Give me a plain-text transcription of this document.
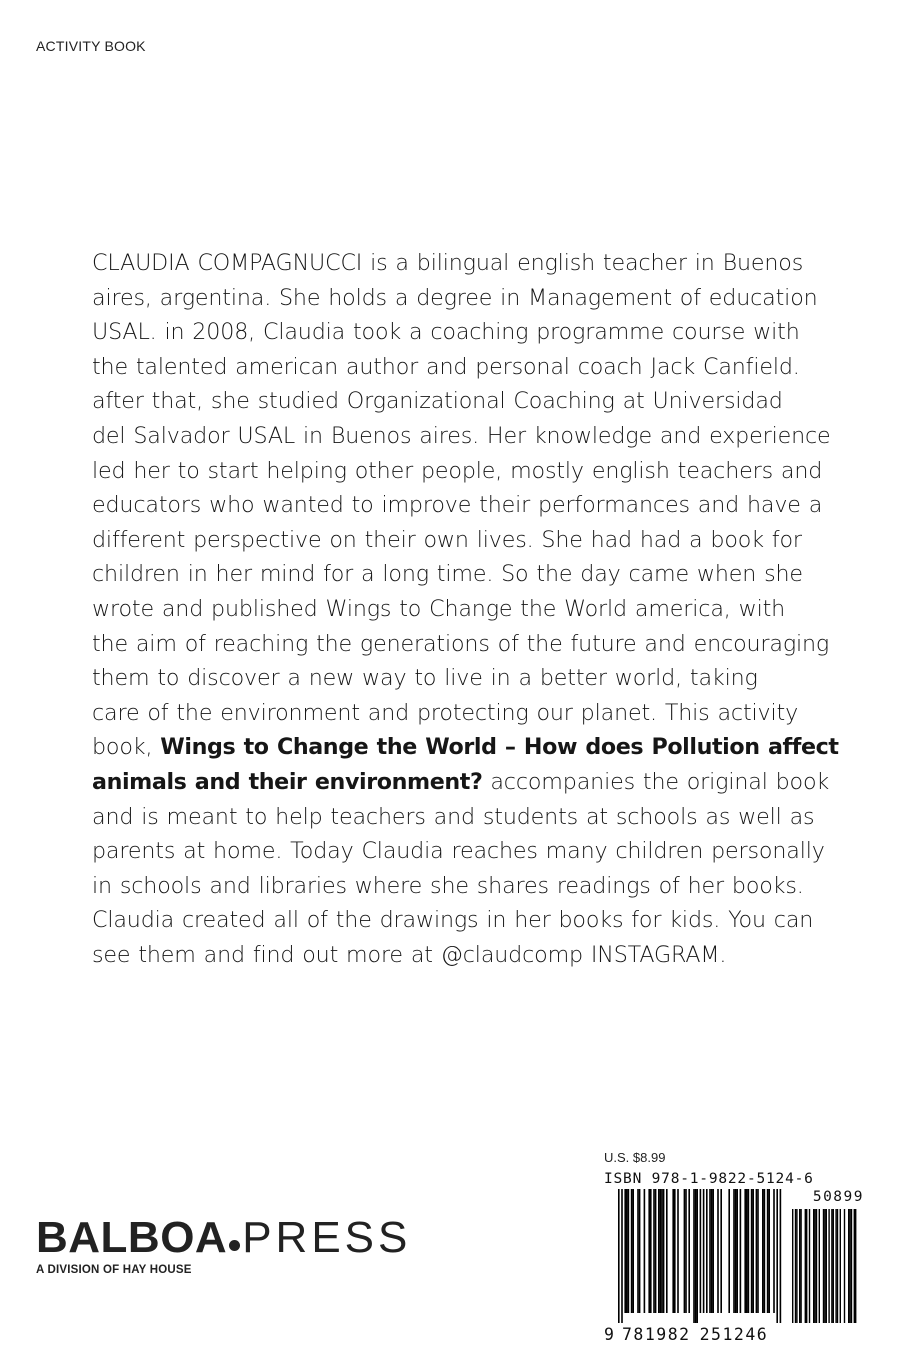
ACTIVITY BOOK
CLAUDIA COMPAGNUCCI is a bilingual english teacher in Buenos
aires, argentina. She holds a degree in Management of education
USAL. in 2008, Claudia took a coaching programme course with
the talented american author and personal coach Jack Canfield.
after that, she studied Organizational Coaching at Universidad
del Salvador USAL in Buenos aires. Her knowledge and experience
led her to start helping other people, mostly english teachers and
educators who wanted to improve their performances and have a
different perspective on their own lives. She had had a book for
children in her mind for a long time. So the day came when she
wrote and published Wings to Change the World america, with
the aim of reaching the generations of the future and encouraging
them to discover a new way to live in a better world, taking
care of the environment and protecting our planet. This activity
book, Wings to Change the World – How does Pollution affect
animals and their environment? accompanies the original book
and is meant to help teachers and students at schools as well as
parents at home. Today Claudia reaches many children personally
in schools and libraries where she shares readings of her books.
Claudia created all of the drawings in her books for kids. You can
see them and find out more at @claudcomp INSTAGRAM.
BALBOA PRESS
A DIVISION OF HAY HOUSE
U.S. $8.99
ISBN 978-1-9822-5124-6
50899
9 781982 251246
